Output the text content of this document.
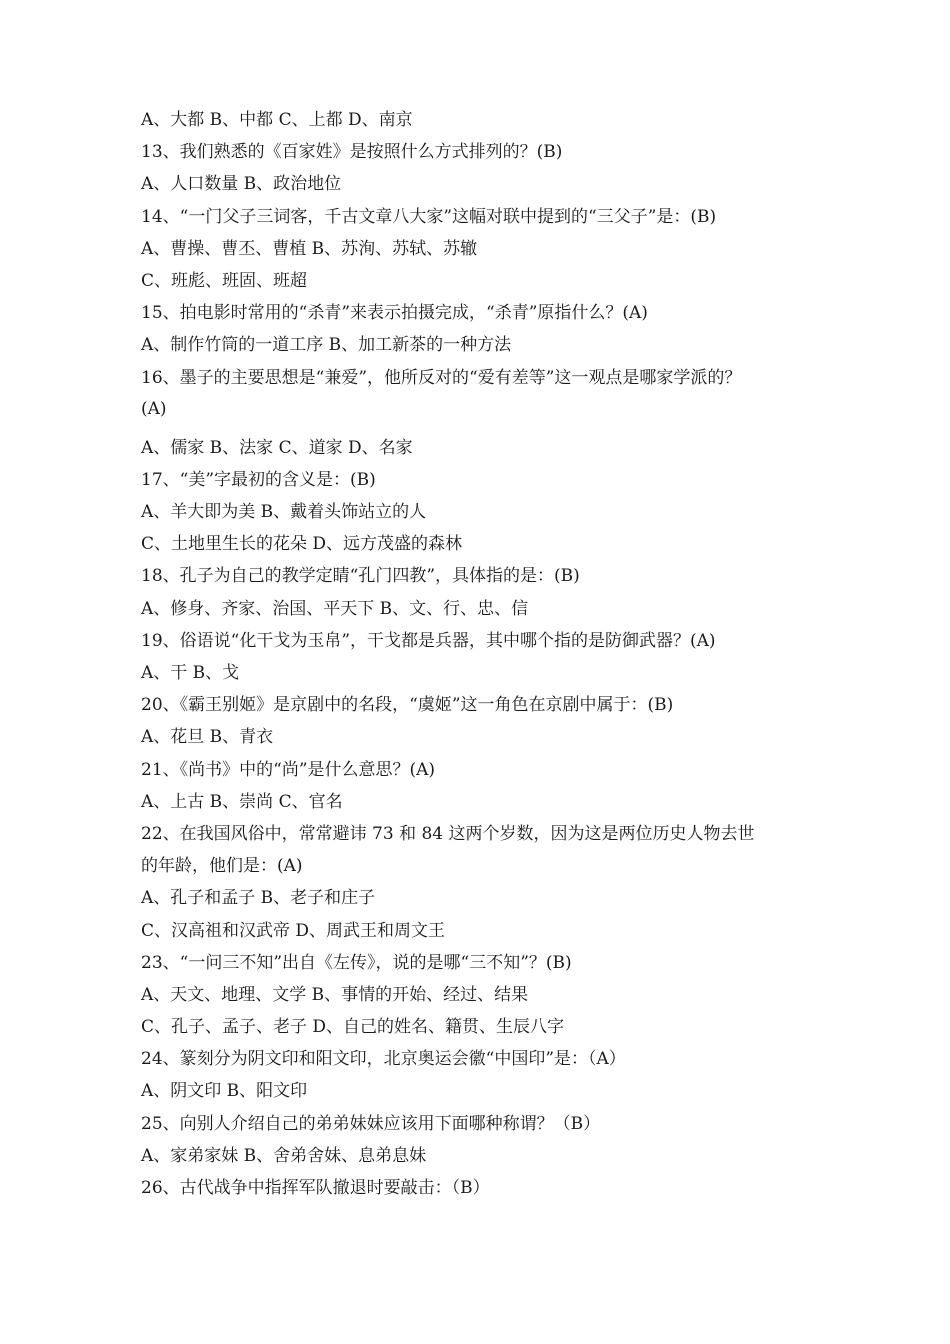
A、大都 B、中都 C、上都 D、南京
13、我们熟悉的《百家姓》是按照什么方式排列的？(B)
A、人口数量 B、政治地位
14、“一门父子三词客，千古文章八大家”这幅对联中提到的“三父子”是：(B)
A、曹操、曹丕、曹植 B、苏洵、苏轼、苏辙
C、班彪、班固、班超
15、拍电影时常用的“杀青”来表示拍摄完成，“杀青”原指什么？(A)
A、制作竹筒的一道工序 B、加工新茶的一种方法
16、墨子的主要思想是“兼爱”，他所反对的“爱有差等”这一观点是哪家学派的？
(A)
A、儒家 B、法家 C、道家 D、名家
17、“美”字最初的含义是：(B)
A、羊大即为美 B、戴着头饰站立的人
C、土地里生长的花朵 D、远方茂盛的森林
18、孔子为自己的教学定睛“孔门四教”，具体指的是：(B)
A、修身、齐家、治国、平天下 B、文、行、忠、信
19、俗语说“化干戈为玉帛”，干戈都是兵器，其中哪个指的是防御武器？(A)
A、干 B、戈
20、《霸王别姬》是京剧中的名段，“虞姬”这一角色在京剧中属于：(B)
A、花旦 B、青衣
21、《尚书》中的“尚”是什么意思？(A)
A、上古 B、崇尚 C、官名
22、在我国风俗中，常常避讳 73 和 84 这两个岁数，因为这是两位历史人物去世
的年龄，他们是：(A)
A、孔子和孟子 B、老子和庄子
C、汉高祖和汉武帝 D、周武王和周文王
23、“一问三不知”出自《左传》，说的是哪“三不知”？(B)
A、天文、地理、文学 B、事情的开始、经过、结果
C、孔子、孟子、老子 D、自己的姓名、籍贯、生辰八字
24、篆刻分为阴文印和阳文印，北京奥运会徽“中国印”是：（A）
A、阴文印 B、阳文印
25、向别人介绍自己的弟弟妹妹应该用下面哪种称谓？（B）
A、家弟家妹 B、舍弟舍妹、息弟息妹
26、古代战争中指挥军队撤退时要敲击：（B）
